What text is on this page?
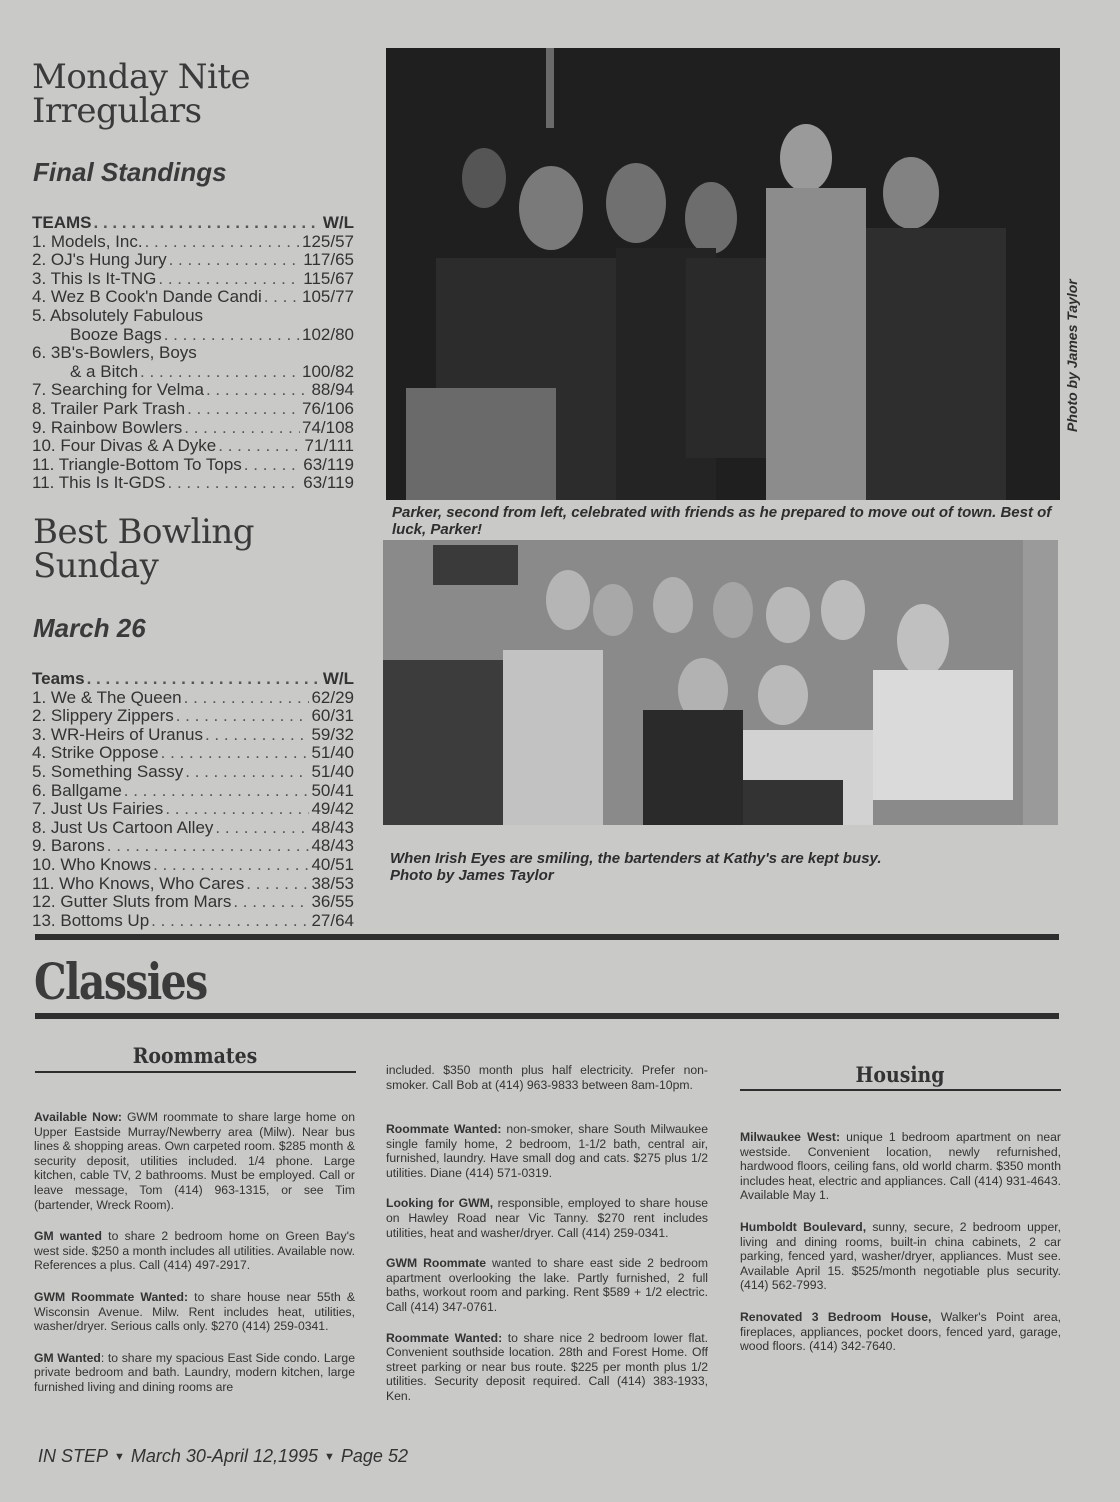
Monday Nite
Irregulars
Final Standings
TEAMS . . .	W/L
1. Models, Inc. . . .	125/57
2. OJ's Hung Jury . . .	117/65
3. This Is It-TNG . . .	115/67
4. Wez B Cook'n Dande Candi . . . 105/77
5. Absolutely Fabulous
Booze Bags . . .	102/80
6. 3B's-Bowlers, Boys
& a Bitch . . .	100/82
7. Searching for Velma . . .	88/94
8. Trailer Park Trash . . .	76/106
9. Rainbow Bowlers . . .	74/108
10. Four Divas & A Dyke . . .	71/111
11. Triangle-Bottom To Tops . . .	63/119
11. This Is It-GDS . . .	63/119
Best Bowling
Sunday
March 26
Teams . . .	W/L
1. We & The Queen . . .	62/29
2. Slippery Zippers . . .	60/31
3. WR-Heirs of Uranus . . .	59/32
4. Strike Oppose . . .	51/40
5. Something Sassy . . .	51/40
6. Ballgame . . .	50/41
7. Just Us Fairies . . .	49/42
8. Just Us Cartoon Alley . . .	48/43
9. Barons . . .	48/43
10. Who Knows . . .	40/51
11. Who Knows, Who Cares . . .	38/53
12. Gutter Sluts from Mars . . .	36/55
13. Bottoms Up . . .	27/64
Photo by James Taylor
Parker, second from left, celebrated with friends as he prepared to move out of town. Best of luck, Parker!
When Irish Eyes are smiling, the bartenders at Kathy's are kept busy.
Photo by James Taylor
Classies
Roommates
Available Now: GWM roommate to share large home on Upper Eastside Murray/Newberry area (Milw). Near bus lines & shopping areas. Own carpeted room. $285 month & security deposit, utilities included. 1/4 phone. Large kitchen, cable TV, 2 bathrooms. Must be employed. Call or leave message, Tom (414) 963-1315, or see Tim (bartender, Wreck Room).
GM wanted to share 2 bedroom home on Green Bay's west side. $250 a month includes all utilities. Available now. References a plus. Call (414) 497-2917.
GWM Roommate Wanted: to share house near 55th & Wisconsin Avenue. Milw. Rent includes heat, utilities, washer/dryer. Serious calls only. $270 (414) 259-0341.
GM Wanted: to share my spacious East Side condo. Large private bedroom and bath. Laundry, modern kitchen, large furnished living and dining rooms are
included. $350 month plus half electricity. Prefer non-smoker. Call Bob at (414) 963-9833 between 8am-10pm.
Roommate Wanted: non-smoker, share South Milwaukee single family home, 2 bedroom, 1-1/2 bath, central air, furnished, laundry. Have small dog and cats. $275 plus 1/2 utilities. Diane (414) 571-0319.
Looking for GWM, responsible, employed to share house on Hawley Road near Vic Tanny. $270 rent includes utilities, heat and washer/dryer. Call (414) 259-0341.
GWM Roommate wanted to share east side 2 bedroom apartment overlooking the lake. Partly furnished, 2 full baths, workout room and parking. Rent $589 + 1/2 electric. Call (414) 347-0761.
Roommate Wanted: to share nice 2 bedroom lower flat. Convenient southside location. 28th and Forest Home. Off street parking or near bus route. $225 per month plus 1/2 utilities. Security deposit required. Call (414) 383-1933, Ken.
Housing
Milwaukee West: unique 1 bedroom apartment on near westside. Convenient location, newly refurnished, hardwood floors, ceiling fans, old world charm. $350 month includes heat, electric and appliances. Call (414) 931-4643. Available May 1.
Humboldt Boulevard, sunny, secure, 2 bedroom upper, living and dining rooms, built-in china cabinets, 2 car parking, fenced yard, washer/dryer, appliances. Must see. Available April 15. $525/month negotiable plus security. (414) 562-7993.
Renovated 3 Bedroom House, Walker's Point area, fireplaces, appliances, pocket doors, fenced yard, garage, wood floors. (414) 342-7640.
IN STEP ▼ March 30-April 12,1995 ▼ Page 52
